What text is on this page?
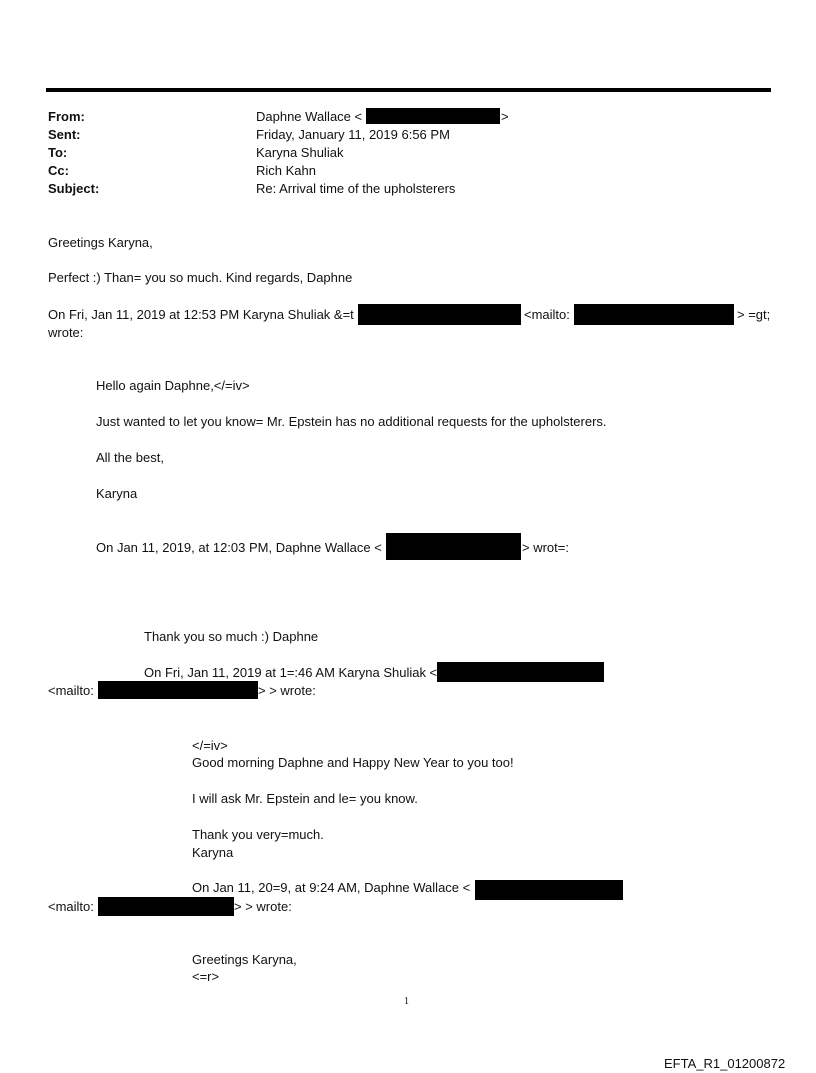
From:	Daphne Wallace <	>
Sent:	Friday, January 11, 2019 6:56 PM
To:	Karyna Shuliak
Cc:	Rich Kahn
Subject:	Re: Arrival time of the upholsterers
Greetings Karyna,
Perfect :) Than= you so much. Kind regards, Daphne
On Fri, Jan 11, 2019 at 12:53 PM Karyna Shuliak &=t	<mailto:	> =gt;
wrote:
Hello again Daphne,</=iv>
Just wanted to let you know= Mr. Epstein has no additional requests for the upholsterers.
All the best,
Karyna
On Jan 11, 2019, at 12:03 PM, Daphne Wallace <	> wrot=:
Thank you so much :) Daphne
On Fri, Jan 11, 2019 at 1=:46 AM Karyna Shuliak <
<mailto:	> > wrote:
</=iv>
Good morning Daphne and Happy New Year to you too!
I will ask Mr. Epstein and le= you know.
Thank you very=much.
Karyna
On Jan 11, 20=9, at 9:24 AM, Daphne Wallace <
<mailto:	> > wrote:
Greetings Karyna,
<=r>
1
EFTA_R1_01200872
